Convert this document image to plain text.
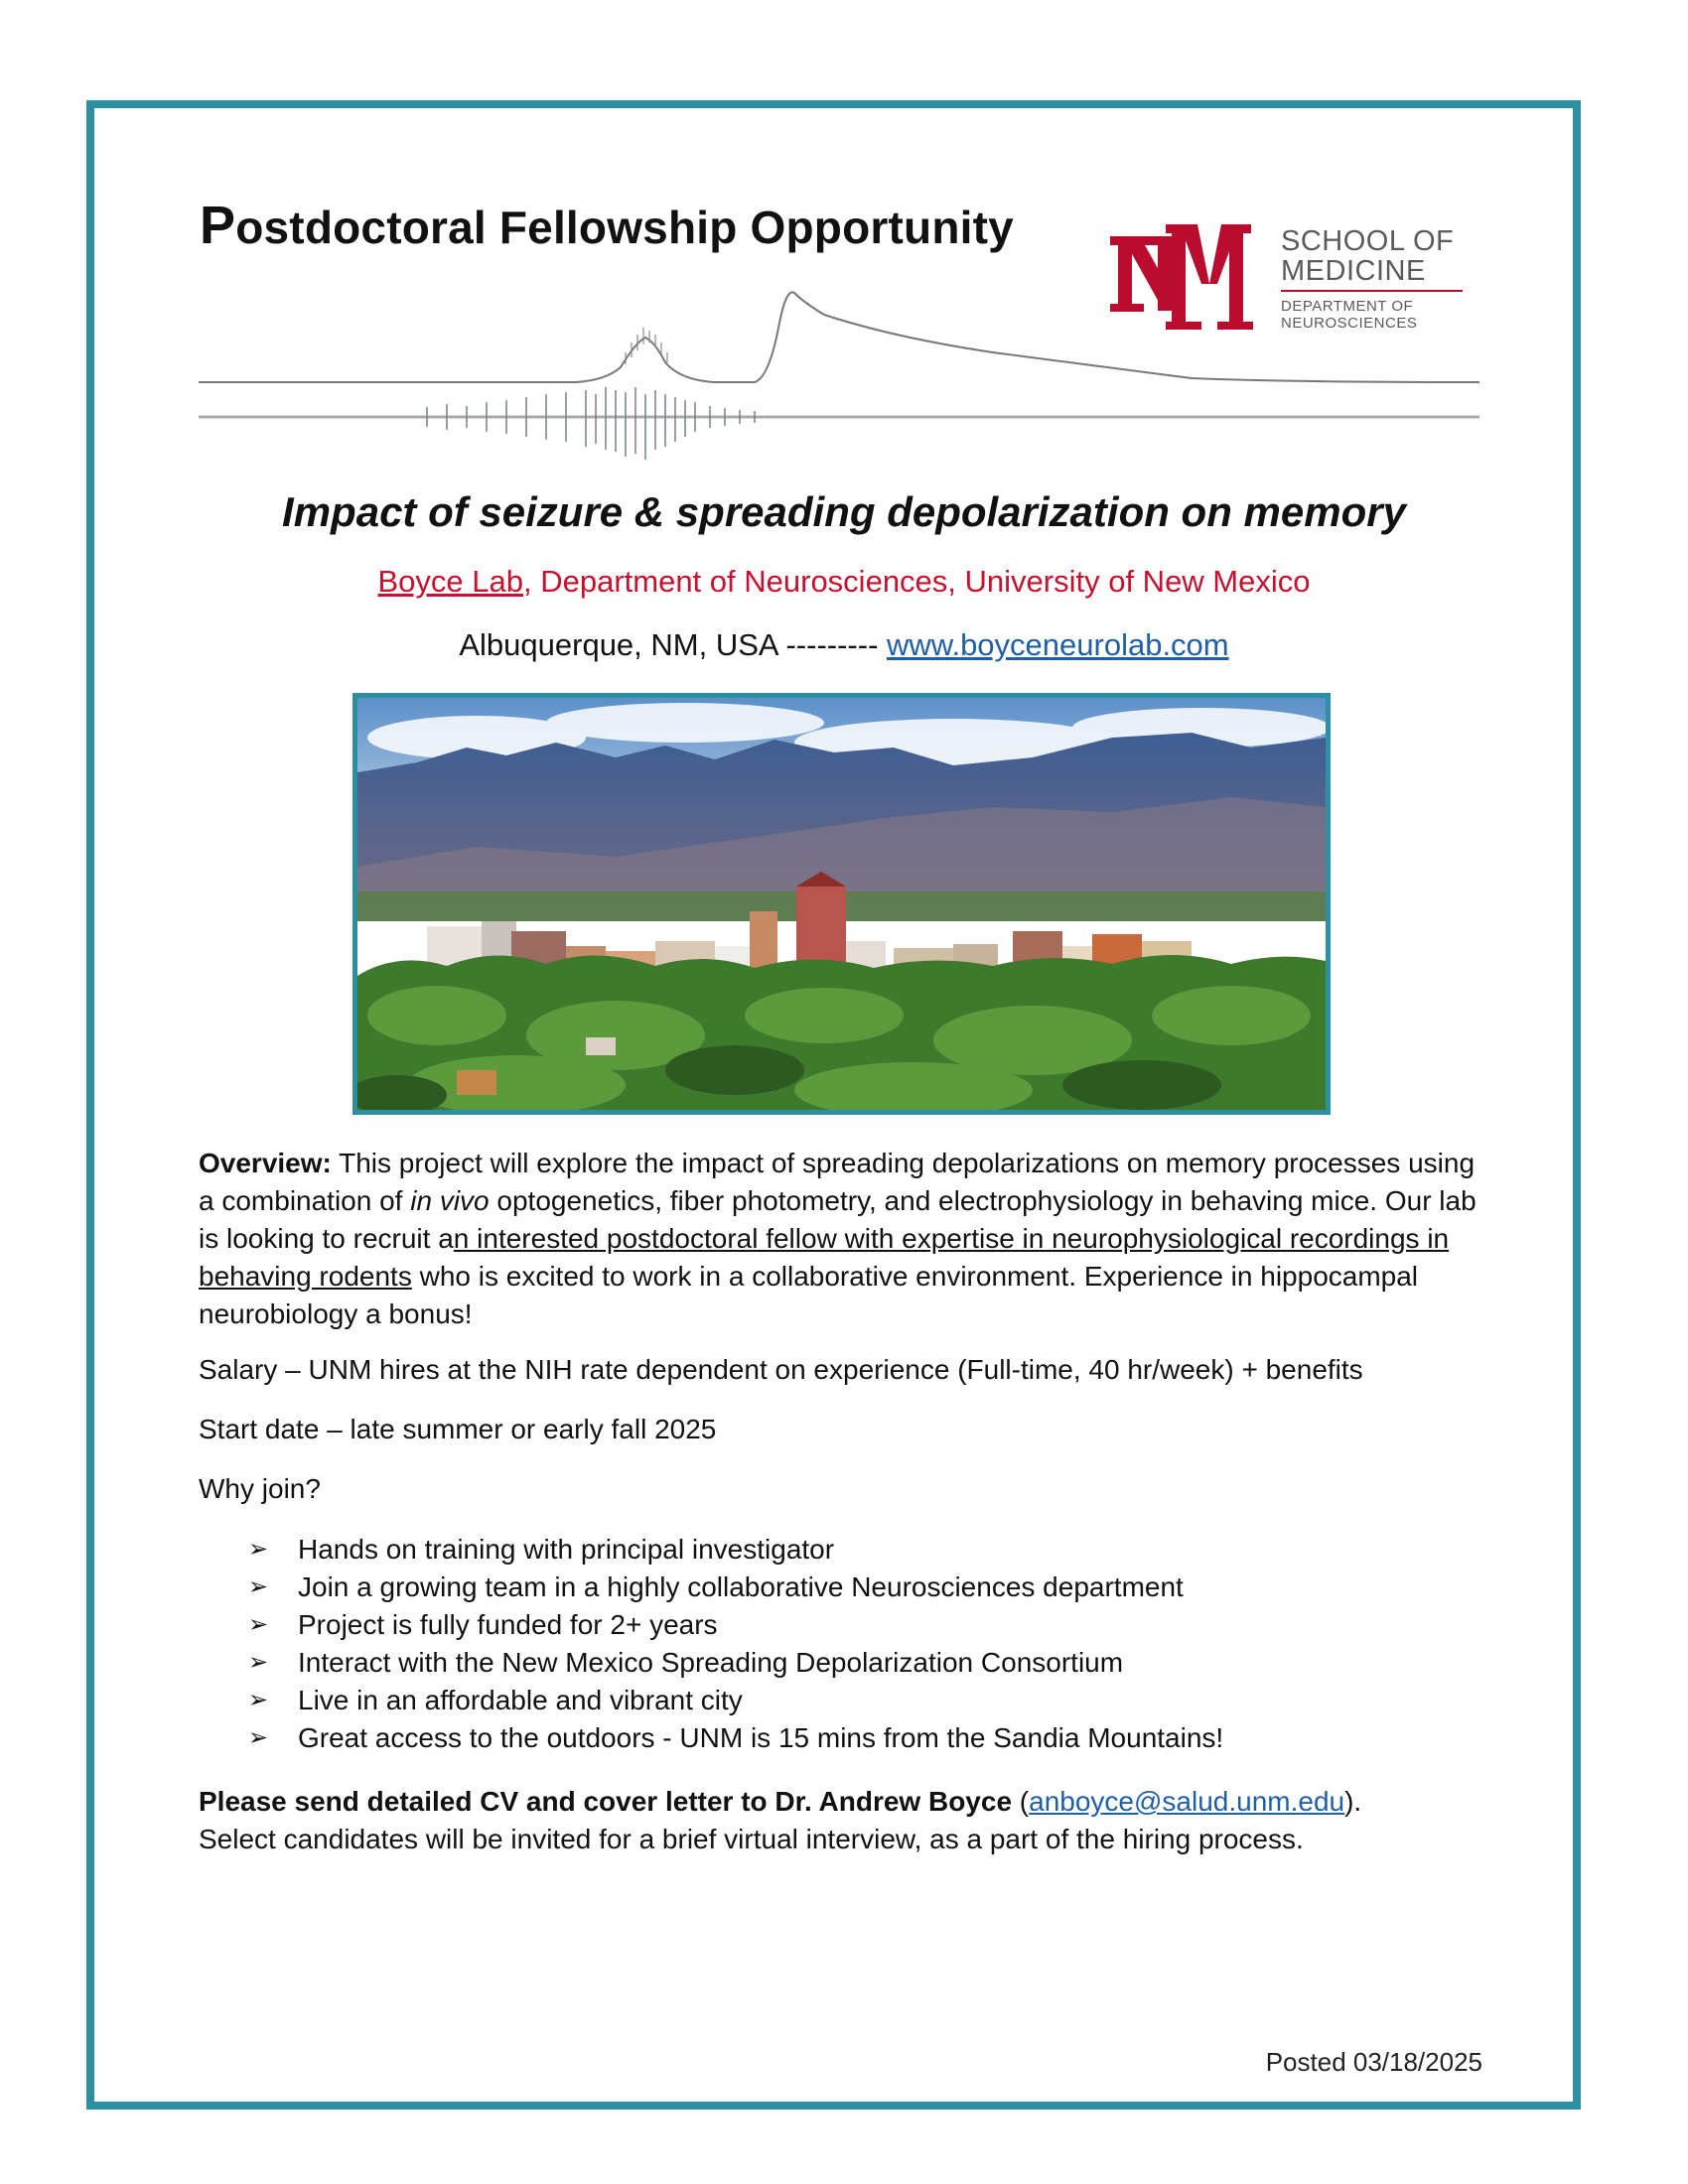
Postdoctoral Fellowship Opportunity	SCHOOL OF
MEDICINE
DEPARTMENT OF
NEUROSCIENCES
Impact of seizure & spreading depolarization on memory
Boyce Lab, Department of Neurosciences, University of New Mexico
Albuquerque, NM, USA --------- www.boyceneurolab.com
Overview: This project will explore the impact of spreading depolarizations on memory processes using a combination of in vivo optogenetics, fiber photometry, and electrophysiology in behaving mice. Our lab is looking to recruit an interested postdoctoral fellow with expertise in neurophysiological recordings in behaving rodents who is excited to work in a collaborative environment. Experience in hippocampal neurobiology a bonus!
Salary – UNM hires at the NIH rate dependent on experience (Full-time, 40 hr/week) + benefits
Start date – late summer or early fall 2025
Why join?
➢ Hands on training with principal investigator
➢ Join a growing team in a highly collaborative Neurosciences department
➢ Project is fully funded for 2+ years
➢ Interact with the New Mexico Spreading Depolarization Consortium
➢ Live in an affordable and vibrant city
➢ Great access to the outdoors - UNM is 15 mins from the Sandia Mountains!
Please send detailed CV and cover letter to Dr. Andrew Boyce (anboyce@salud.unm.edu).
Select candidates will be invited for a brief virtual interview, as a part of the hiring process.
Posted 03/18/2025
